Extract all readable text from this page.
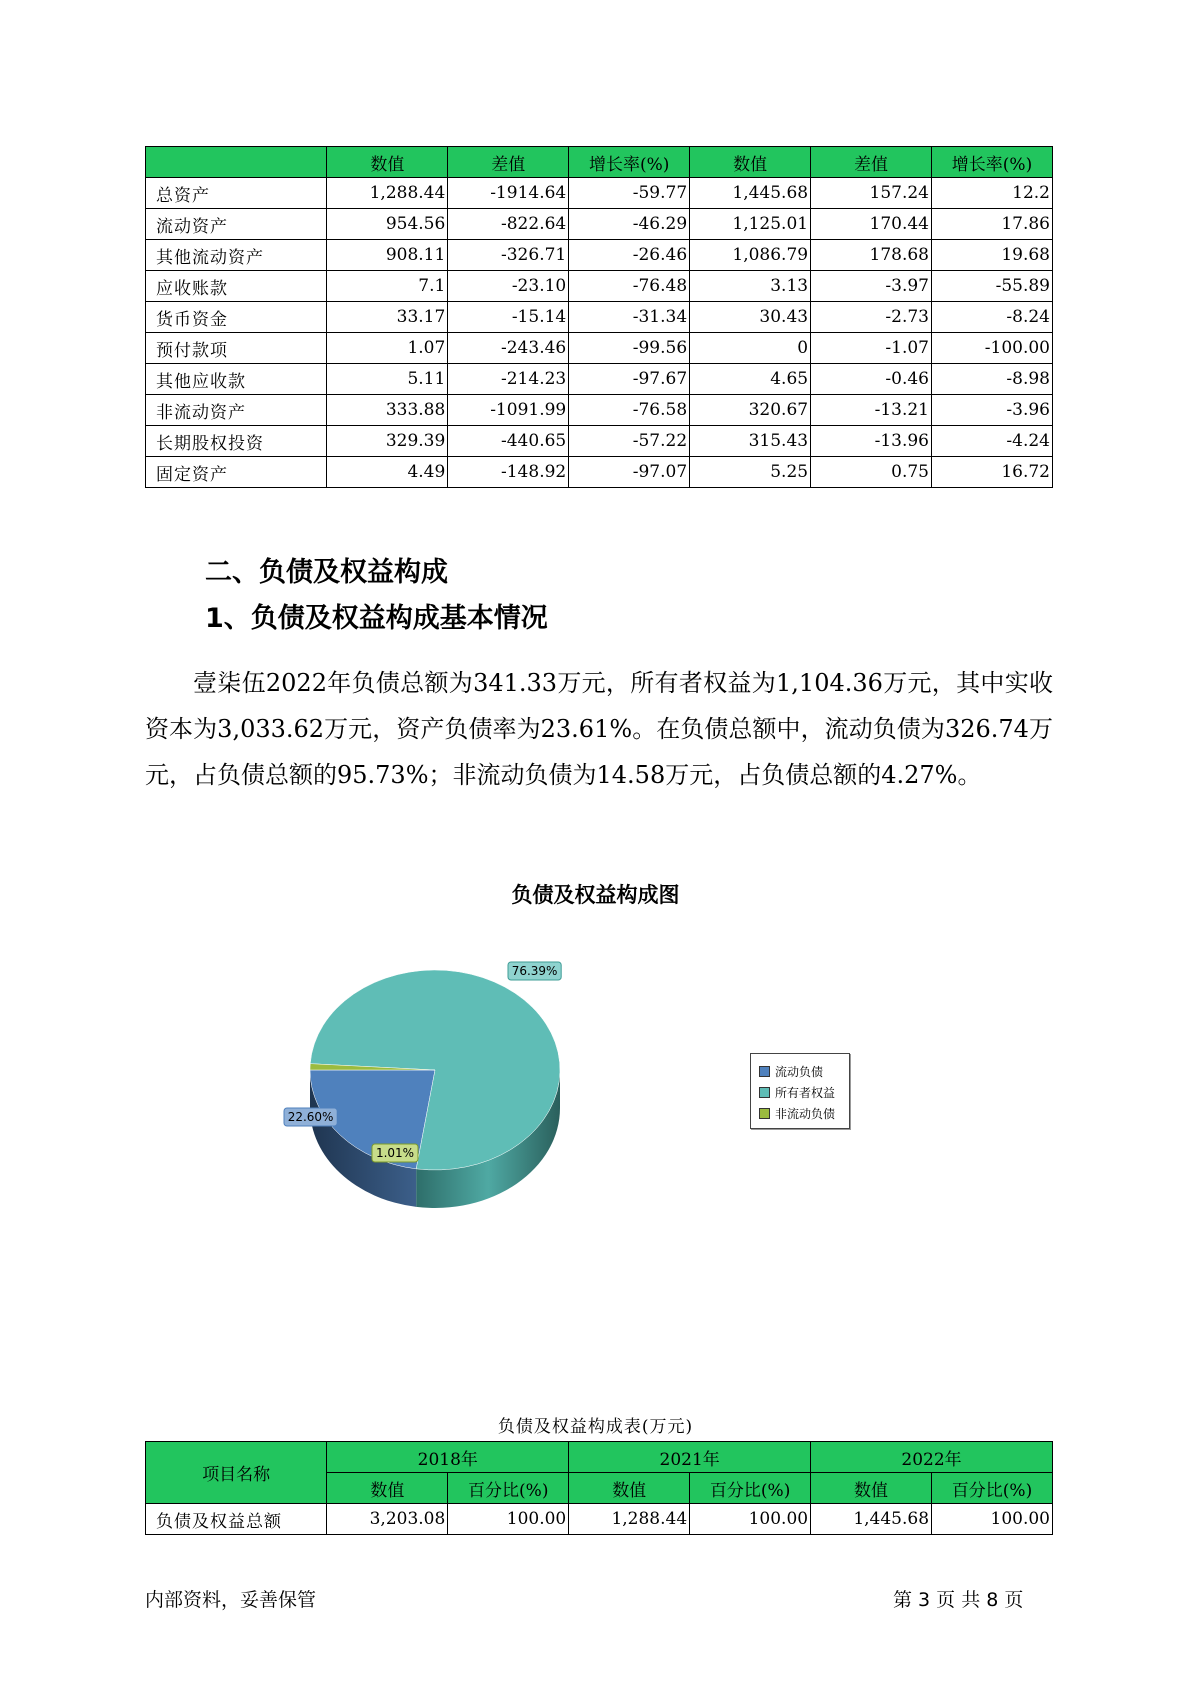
	数值	差值	增长率(%)	数值	差值	增长率(%)
总资产	1,288.44	-1914.64	-59.77	1,445.68	157.24	12.2
流动资产	954.56	-822.64	-46.29	1,125.01	170.44	17.86
其他流动资产	908.11	-326.71	-26.46	1,086.79	178.68	19.68
应收账款	7.1	-23.10	-76.48	3.13	-3.97	-55.89
货币资金	33.17	-15.14	-31.34	30.43	-2.73	-8.24
预付款项	1.07	-243.46	-99.56	0	-1.07	-100.00
其他应收款	5.11	-214.23	-97.67	4.65	-0.46	-8.98
非流动资产	333.88	-1091.99	-76.58	320.67	-13.21	-3.96
长期股权投资	329.39	-440.65	-57.22	315.43	-13.96	-4.24
固定资产	4.49	-148.92	-97.07	5.25	0.75	16.72
二、负债及权益构成
1、负债及权益构成基本情况
壹柒伍2022年负债总额为341.33万元，所有者权益为1,104.36万元，其中实收资本为3,033.62万元，资产负债率为23.61%。在负债总额中，流动负债为326.74万元，占负债总额的95.73%；非流动负债为14.58万元，占负债总额的4.27%。
负债及权益构成图
22.60%
76.39%
1.01%
流动负债
所有者权益
非流动负债
负债及权益构成表(万元)
项目名称	2018年		2021年		2022年	
	数值	百分比(%)	数值	百分比(%)	数值	百分比(%)
负债及权益总额	3,203.08	100.00	1,288.44	100.00	1,445.68	100.00
内部资料，妥善保管	第 3 页 共 8 页
